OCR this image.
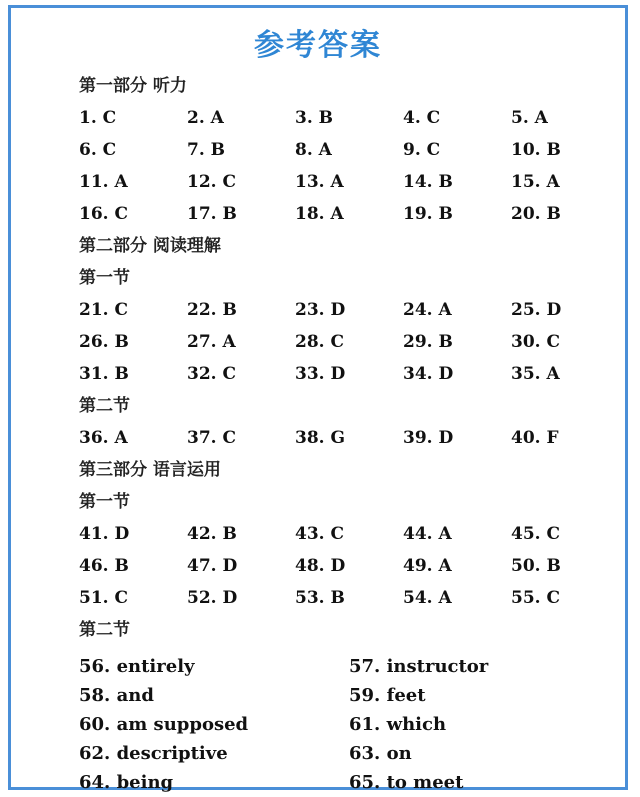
参考答案
第一部分 听力
1. C	2. A	3. B	4. C	5. A
6. C	7. B	8. A	9. C	10. B
11. A	12. C	13. A	14. B	15. A
16. C	17. B	18. A	19. B	20. B
第二部分 阅读理解
第一节
21. C	22. B	23. D	24. A	25. D
26. B	27. A	28. C	29. B	30. C
31. B	32. C	33. D	34. D	35. A
第二节
36. A	37. C	38. G	39. D	40. F
第三部分 语言运用
第一节
41. D	42. B	43. C	44. A	45. C
46. B	47. D	48. D	49. A	50. B
51. C	52. D	53. B	54. A	55. C
第二节
56. entirely	57. instructor
58. and	59. feet
60. am supposed	61. which
62. descriptive	63. on
64. being	65. to meet
